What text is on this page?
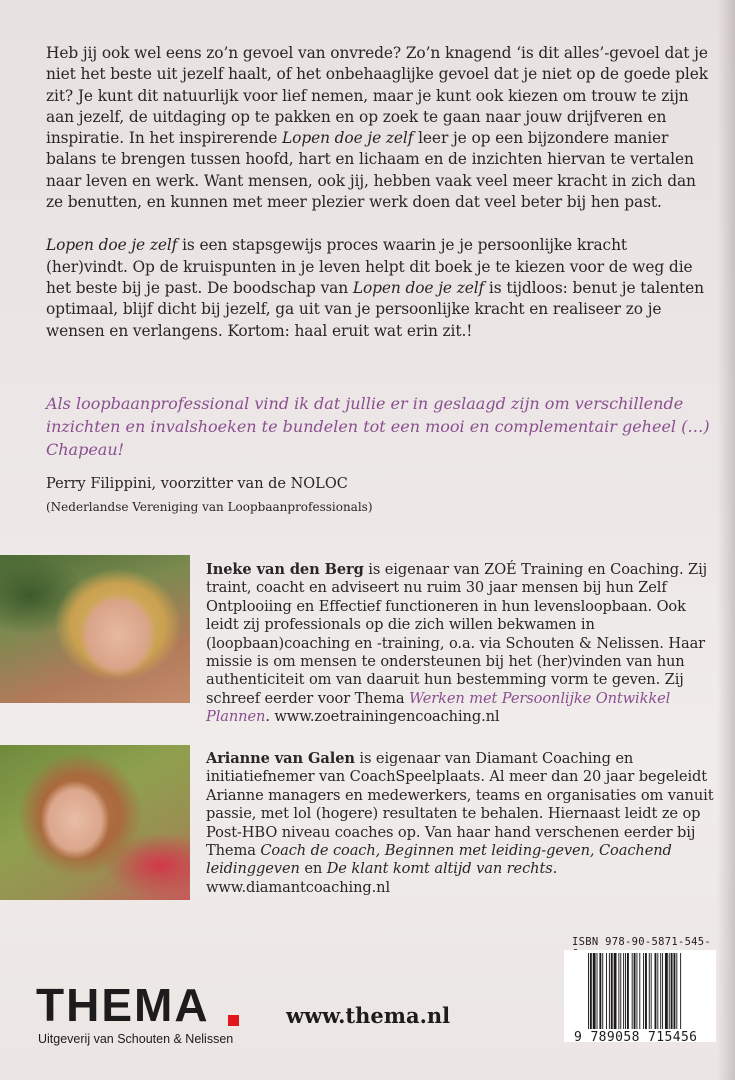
Heb jij ook wel eens zo’n gevoel van onvrede? Zo’n knagend ‘is dit alles’-gevoel dat je niet het beste uit jezelf haalt, of het onbehaaglijke gevoel dat je niet op de goede plek zit? Je kunt dit natuurlijk voor lief nemen, maar je kunt ook kiezen om trouw te zijn aan jezelf, de uitdaging op te pakken en op zoek te gaan naar jouw drijfveren en inspiratie. In het inspirerende Lopen doe je zelf leer je op een bijzondere manier balans te brengen tussen hoofd, hart en lichaam en de inzichten hiervan te vertalen naar leven en werk. Want mensen, ook jij, hebben vaak veel meer kracht in zich dan ze benutten, en kunnen met meer plezier werk doen dat veel beter bij hen past.

Lopen doe je zelf is een stapsgewijs proces waarin je je persoonlijke kracht (her)vindt. Op de kruispunten in je leven helpt dit boek je te kiezen voor de weg die het beste bij je past. De boodschap van Lopen doe je zelf is tijdloos: benut je talenten optimaal, blijf dicht bij jezelf, ga uit van je persoonlijke kracht en realiseer zo je wensen en verlangens. Kortom: haal eruit wat erin zit.!

Als loopbaanprofessional vind ik dat jullie er in geslaagd zijn om verschillende inzichten en invalshoeken te bundelen tot een mooi en complementair geheel (…) Chapeau!
Perry Filippini, voorzitter van de NOLOC
(Nederlandse Vereniging van Loopbaanprofessionals)
Ineke van den Berg is eigenaar van ZOÉ Training en Coaching. Zij traint, coacht en adviseert nu ruim 30 jaar mensen bij hun Zelf Ontplooiing en Effectief functioneren in hun levensloopbaan. Ook leidt zij professionals op die zich willen bekwamen in (loopbaan)coaching en -training, o.a. via Schouten & Nelissen. Haar missie is om mensen te ondersteunen bij het (her)vinden van hun authenticiteit om van daaruit hun bestemming vorm te geven. Zij schreef eerder voor Thema Werken met Persoonlijke Ontwikkel Plannen. www.zoetrainingencoaching.nl
Arianne van Galen is eigenaar van Diamant Coaching en initiatiefnemer van CoachSpeelplaats. Al meer dan 20 jaar begeleidt Arianne managers en medewerkers, teams en organisaties om vanuit passie, met lol (hogere) resultaten te behalen. Hiernaast leidt ze op Post-HBO niveau coaches op. Van haar hand verschenen eerder bij Thema Coach de coach, Beginnen met leiding-geven, Coachend leidinggeven en De klant komt altijd van rechts. www.diamantcoaching.nl
THEMA
Uitgeverij van Schouten & Nelissen
www.thema.nl
ISBN 978-90-5871-545-
9 789058 715456
